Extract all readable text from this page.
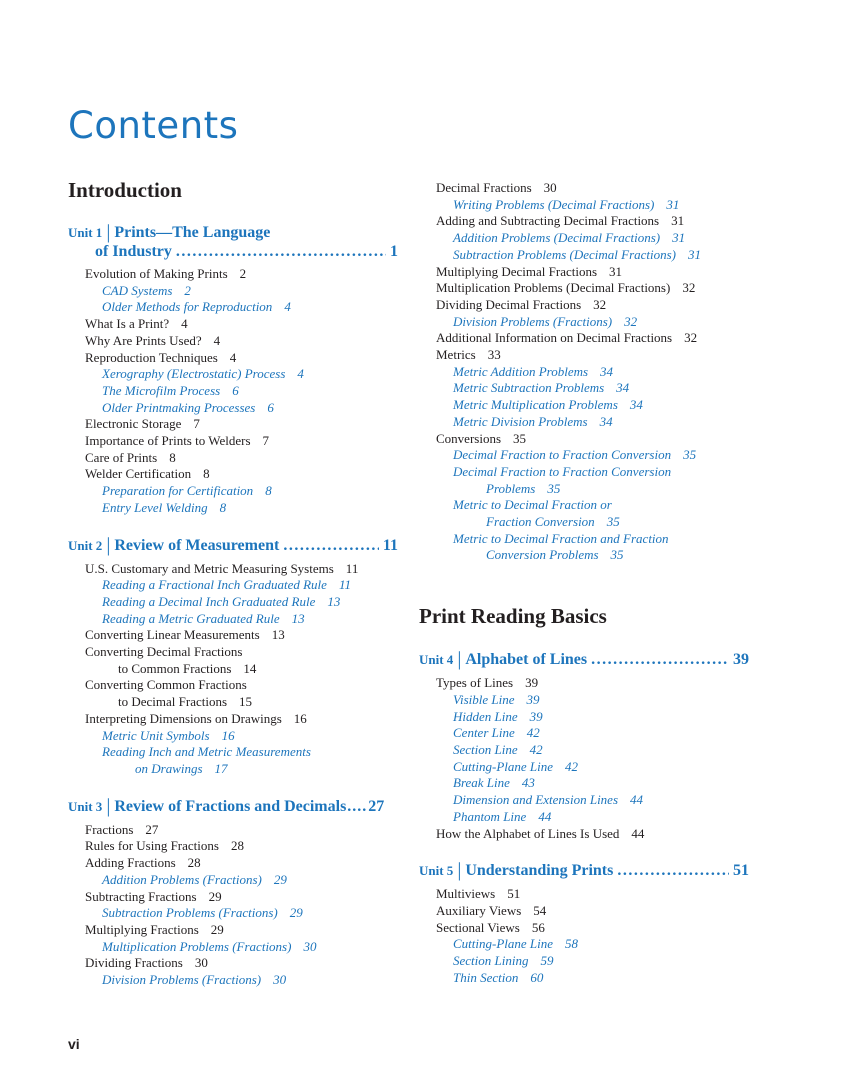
Contents
Introduction
Unit 1 | Prints—The Language
of Industry .....	1
Evolution of Making Prints 2
CAD Systems 2
Older Methods for Reproduction 4
What Is a Print? 4
Why Are Prints Used? 4
Reproduction Techniques 4
Xerography (Electrostatic) Process 4
The Microfilm Process 6
Older Printmaking Processes 6
Electronic Storage 7
Importance of Prints to Welders 7
Care of Prints 8
Welder Certification 8
Preparation for Certification 8
Entry Level Welding 8
Unit 2 | Review of Measurement .....	11
U.S. Customary and Metric Measuring Systems 11
Reading a Fractional Inch Graduated Rule 11
Reading a Decimal Inch Graduated Rule 13
Reading a Metric Graduated Rule 13
Converting Linear Measurements 13
Converting Decimal Fractions
to Common Fractions 14
Converting Common Fractions
to Decimal Fractions 15
Interpreting Dimensions on Drawings 16
Metric Unit Symbols 16
Reading Inch and Metric Measurements
on Drawings 17
Unit 3 | Review of Fractions and Decimals ..... 27
Fractions 27
Rules for Using Fractions 28
Adding Fractions 28
Addition Problems (Fractions) 29
Subtracting Fractions 29
Subtraction Problems (Fractions) 29
Multiplying Fractions 29
Multiplication Problems (Fractions) 30
Dividing Fractions 30
Division Problems (Fractions) 30
Decimal Fractions 30
Writing Problems (Decimal Fractions) 31
Adding and Subtracting Decimal Fractions 31
Addition Problems (Decimal Fractions) 31
Subtraction Problems (Decimal Fractions) 31
Multiplying Decimal Fractions 31
Multiplication Problems (Decimal Fractions) 32
Dividing Decimal Fractions 32
Division Problems (Fractions) 32
Additional Information on Decimal Fractions 32
Metrics 33
Metric Addition Problems 34
Metric Subtraction Problems 34
Metric Multiplication Problems 34
Metric Division Problems 34
Conversions 35
Decimal Fraction to Fraction Conversion 35
Decimal Fraction to Fraction Conversion
Problems 35
Metric to Decimal Fraction or
Fraction Conversion 35
Metric to Decimal Fraction and Fraction
Conversion Problems 35
Print Reading Basics
Unit 4 | Alphabet of Lines .....	39
Types of Lines 39
Visible Line 39
Hidden Line 39
Center Line 42
Section Line 42
Cutting-Plane Line 42
Break Line 43
Dimension and Extension Lines 44
Phantom Line 44
How the Alphabet of Lines Is Used 44
Unit 5 | Understanding Prints .....	51
Multiviews 51
Auxiliary Views 54
Sectional Views 56
Cutting-Plane Line 58
Section Lining 59
Thin Section 60
vi
